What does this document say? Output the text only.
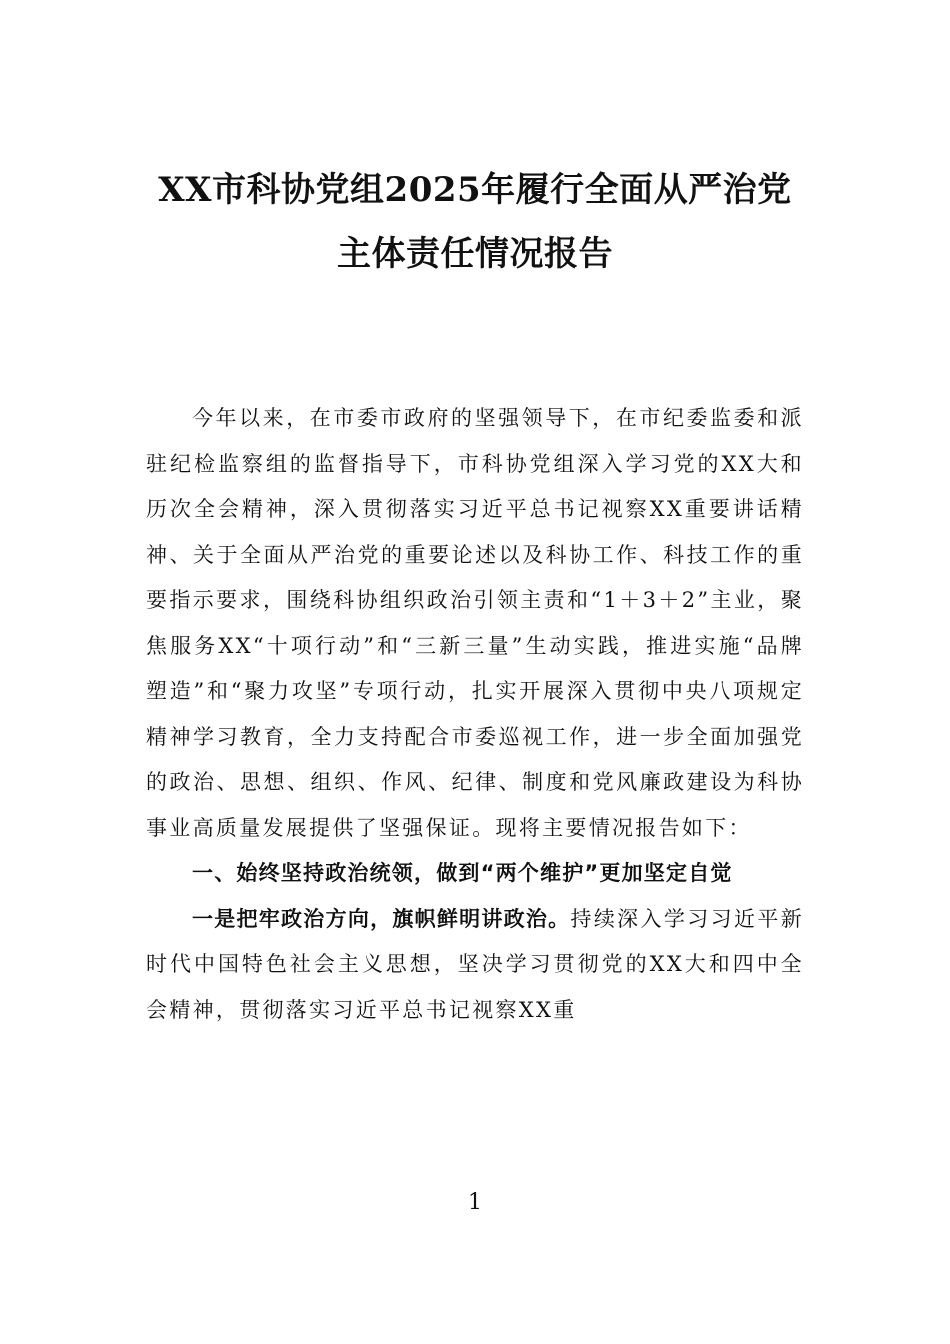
XX市科协党组2025年履行全面从严治党
主体责任情况报告

今年以来，在市委市政府的坚强领导下，在市纪委监委和派驻纪检监察组的监督指导下，市科协党组深入学习党的XX大和历次全会精神，深入贯彻落实习近平总书记视察XX重要讲话精神、关于全面从严治党的重要论述以及科协工作、科技工作的重要指示要求，围绕科协组织政治引领主责和“1＋3＋2”主业，聚焦服务XX“十项行动”和“三新三量”生动实践，推进实施“品牌塑造”和“聚力攻坚”专项行动，扎实开展深入贯彻中央八项规定精神学习教育，全力支持配合市委巡视工作，进一步全面加强党的政治、思想、组织、作风、纪律、制度和党风廉政建设为科协事业高质量发展提供了坚强保证。现将主要情况报告如下：

一、始终坚持政治统领，做到“两个维护”更加坚定自觉

一是把牢政治方向，旗帜鲜明讲政治。持续深入学习习近平新时代中国特色社会主义思想，坚决学习贯彻党的XX大和四中全会精神，贯彻落实习近平总书记视察XX重

1
